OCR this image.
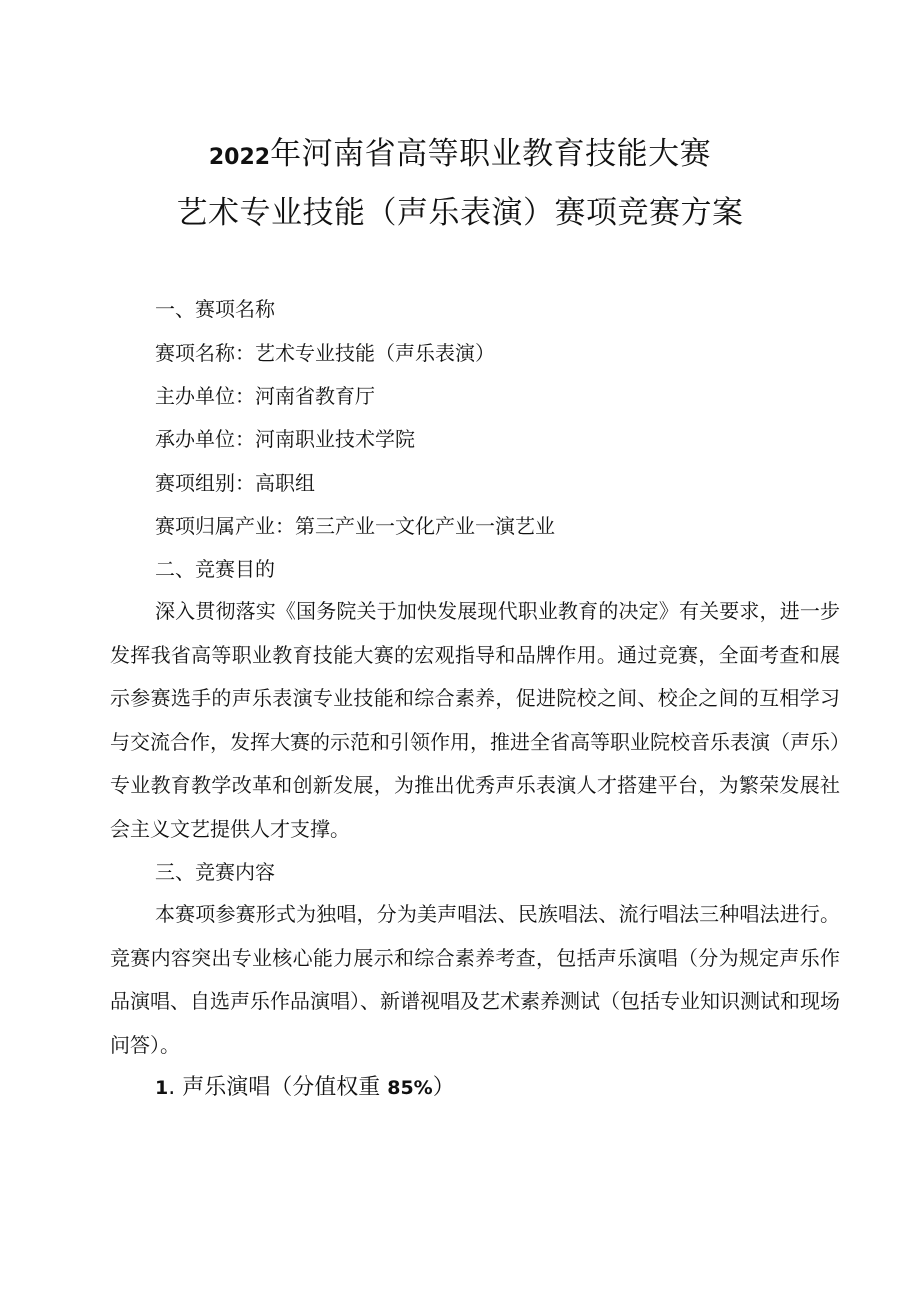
2022年河南省高等职业教育技能大赛
艺术专业技能（声乐表演）赛项竞赛方案
一、赛项名称
赛项名称：艺术专业技能（声乐表演）
主办单位：河南省教育厅
承办单位：河南职业技术学院
赛项组别：高职组
赛项归属产业：第三产业一文化产业一演艺业
二、竞赛目的

深入贯彻落实《国务院关于加快发展现代职业教育的决定》有关要求，进一步发挥我省高等职业教育技能大赛的宏观指导和品牌作用。通过竞赛，全面考查和展示参赛选手的声乐表演专业技能和综合素养，促进院校之间、校企之间的互相学习与交流合作，发挥大赛的示范和引领作用，推进全省高等职业院校音乐表演（声乐）专业教育教学改革和创新发展，为推出优秀声乐表演人才搭建平台，为繁荣发展社会主义文艺提供人才支撑。

三、竞赛内容

本赛项参赛形式为独唱，分为美声唱法、民族唱法、流行唱法三种唱法进行。竞赛内容突出专业核心能力展示和综合素养考查，包括声乐演唱（分为规定声乐作品演唱、自选声乐作品演唱）、新谱视唱及艺术素养测试（包括专业知识测试和现场问答）。

1. 声乐演唱（分值权重 85%）
